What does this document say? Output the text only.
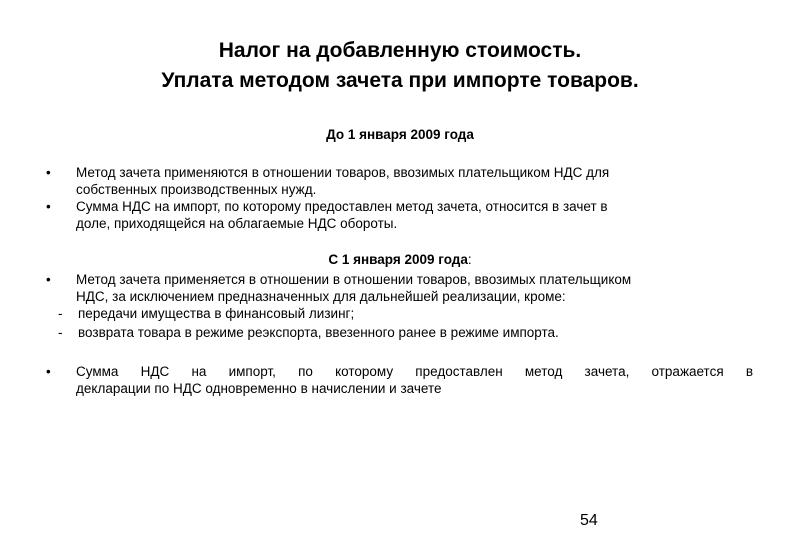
Налог на добавленную стоимость.
Уплата методом зачета при импорте товаров.
До 1 января 2009 года
• Метод зачета применяются в отношении товаров, ввозимых плательщиком НДС для
собственных производственных нужд.
• Сумма НДС на импорт, по которому предоставлен метод зачета, относится в зачет в
доле, приходящейся на облагаемые НДС обороты.
С 1 января 2009 года:
• Метод зачета применяется в отношении в отношении товаров, ввозимых плательщиком
НДС, за исключением предназначенных для дальнейшей реализации, кроме:
- передачи имущества в финансовый лизинг;
- возврата товара в режиме реэкспорта, ввезенного ранее в режиме импорта.
• Сумма НДС на импорт, по которому предоставлен метод зачета, отражается в
декларации по НДС одновременно в начислении и зачете
54
